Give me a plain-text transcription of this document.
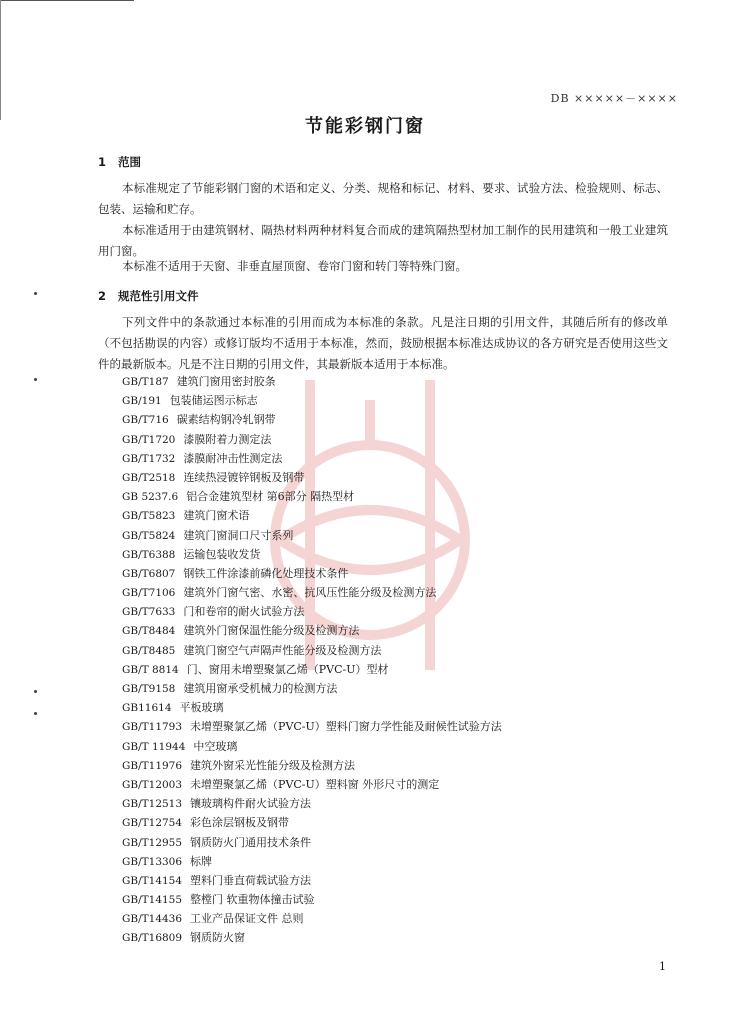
DB ×××××－××××
节能彩钢门窗
1 范围

本标准规定了节能彩钢门窗的术语和定义、分类、规格和标记、材料、要求、试验方法、检验规则、标志、包装、运输和贮存。

本标准适用于由建筑钢材、隔热材料两种材料复合而成的建筑隔热型材加工制作的民用建筑和一般工业建筑用门窗。

本标准不适用于天窗、非垂直屋顶窗、卷帘门窗和转门等特殊门窗。

2 规范性引用文件

下列文件中的条款通过本标准的引用而成为本标准的条款。凡是注日期的引用文件，其随后所有的修改单（不包括勘误的内容）或修订版均不适用于本标准，然而，鼓励根据本标准达成协议的各方研究是否使用这些文件的最新版本。凡是不注日期的引用文件，其最新版本适用于本标准。

GB/T187 建筑门窗用密封胶条
GB/191 包装储运图示标志
GB/T716 碳素结构钢冷轧钢带
GB/T1720 漆膜附着力测定法
GB/T1732 漆膜耐冲击性测定法
GB/T2518 连续热浸镀锌钢板及钢带
GB 5237.6 铝合金建筑型材 第6部分 隔热型材
GB/T5823 建筑门窗术语
GB/T5824 建筑门窗洞口尺寸系列
GB/T6388 运输包装收发货
GB/T6807 钢铁工件涂漆前磷化处理技术条件
GB/T7106 建筑外门窗气密、水密、抗风压性能分级及检测方法
GB/T7633 门和卷帘的耐火试验方法
GB/T8484 建筑外门窗保温性能分级及检测方法
GB/T8485 建筑门窗空气声隔声性能分级及检测方法
GB/T 8814 门、窗用未增塑聚氯乙烯（PVC-U）型材
GB/T9158 建筑用窗承受机械力的检测方法
GB11614 平板玻璃
GB/T11793 未增塑聚氯乙烯（PVC-U）塑料门窗力学性能及耐候性试验方法
GB/T 11944 中空玻璃
GB/T11976 建筑外窗采光性能分级及检测方法
GB/T12003 未增塑聚氯乙烯（PVC-U）塑料窗 外形尺寸的测定
GB/T12513 镶玻璃构件耐火试验方法
GB/T12754 彩色涂层钢板及钢带
GB/T12955 钢质防火门通用技术条件
GB/T13306 标牌
GB/T14154 塑料门垂直荷载试验方法
GB/T14155 整樘门 软重物体撞击试验
GB/T14436 工业产品保证文件 总则
GB/T16809 钢质防火窗
1
